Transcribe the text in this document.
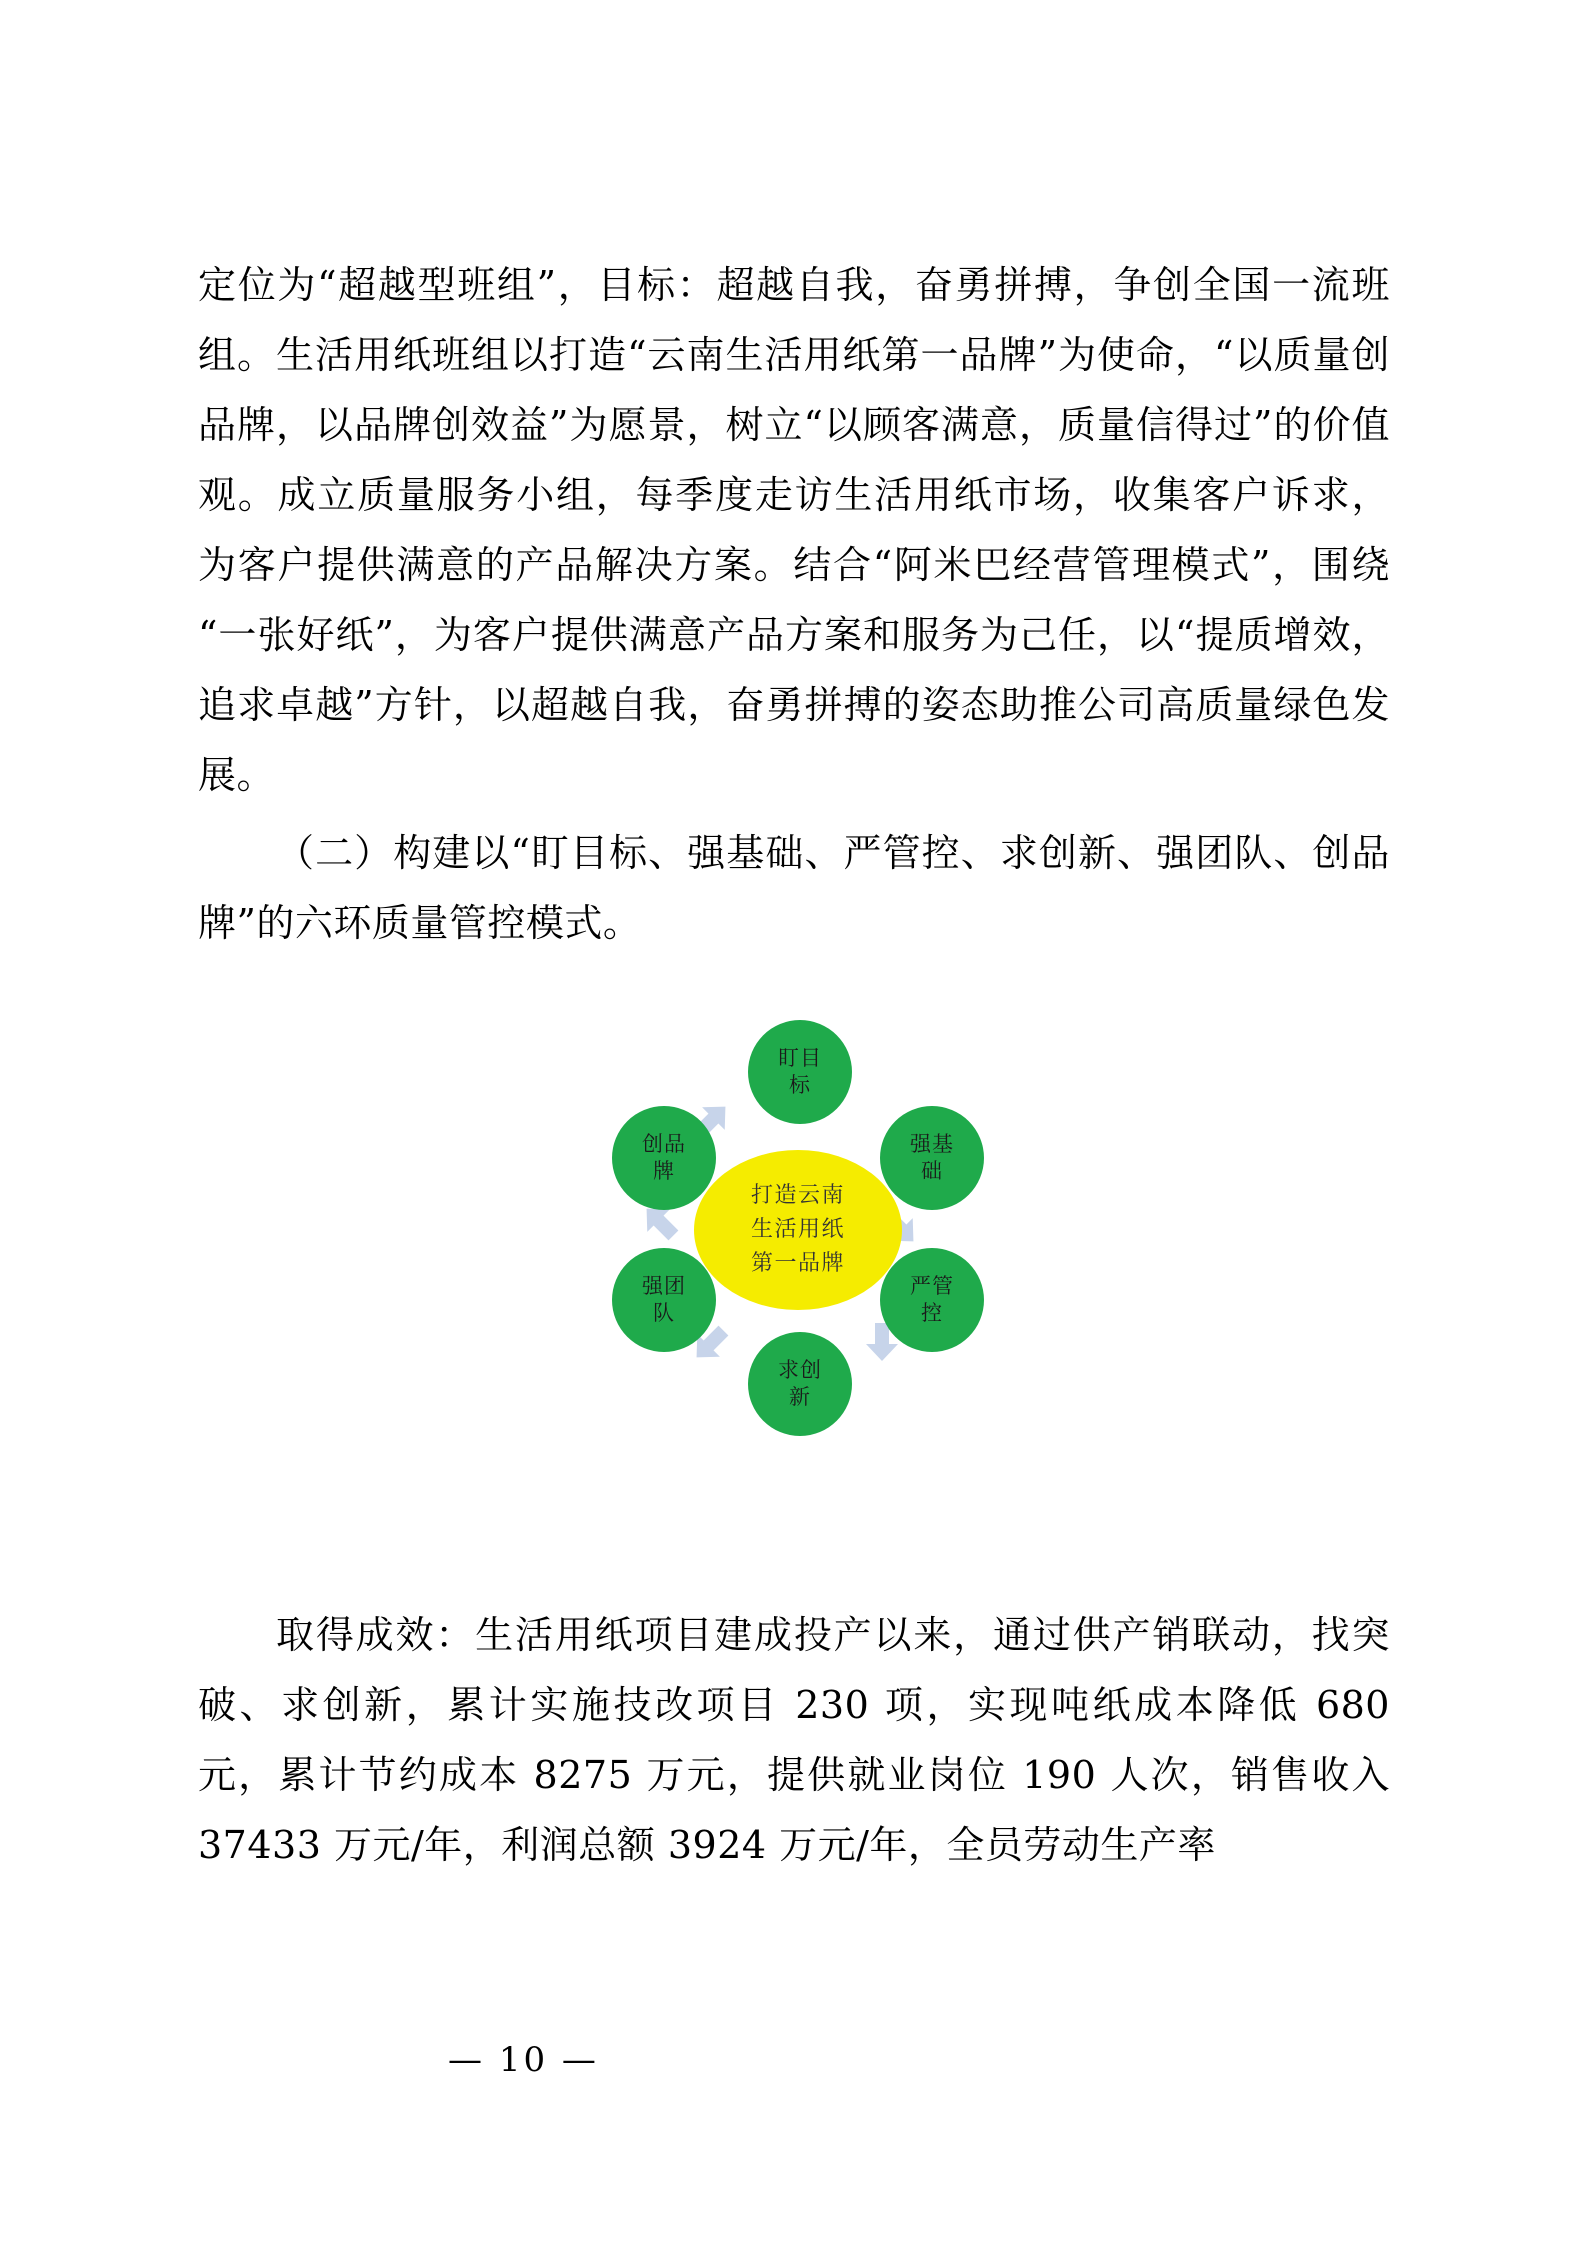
定位为“超越型班组”，目标：超越自我，奋勇拼搏，争创全国一流班组。生活用纸班组以打造“云南生活用纸第一品牌”为使命，“以质量创品牌，以品牌创效益”为愿景，树立“以顾客满意，质量信得过”的价值观。成立质量服务小组，每季度走访生活用纸市场，收集客户诉求，为客户提供满意的产品解决方案。结合“阿米巴经营管理模式”，围绕“一张好纸”，为客户提供满意产品方案和服务为己任，以“提质增效，追求卓越”方针，以超越自我，奋勇拼搏的姿态助推公司高质量绿色发展。

（二）构建以“盯目标、强基础、严管控、求创新、强团队、创品牌”的六环质量管控模式。

盯目标
强基础
严管控
求创新
强团队
创品牌
打造云南
生活用纸
第一品牌

取得成效：生活用纸项目建成投产以来，通过供产销联动，找突破、求创新，累计实施技改项目 230 项，实现吨纸成本降低 680 元，累计节约成本 8275 万元，提供就业岗位 190 人次，销售收入 37433 万元/年，利润总额 3924 万元/年，全员劳动生产率

— 10 —
